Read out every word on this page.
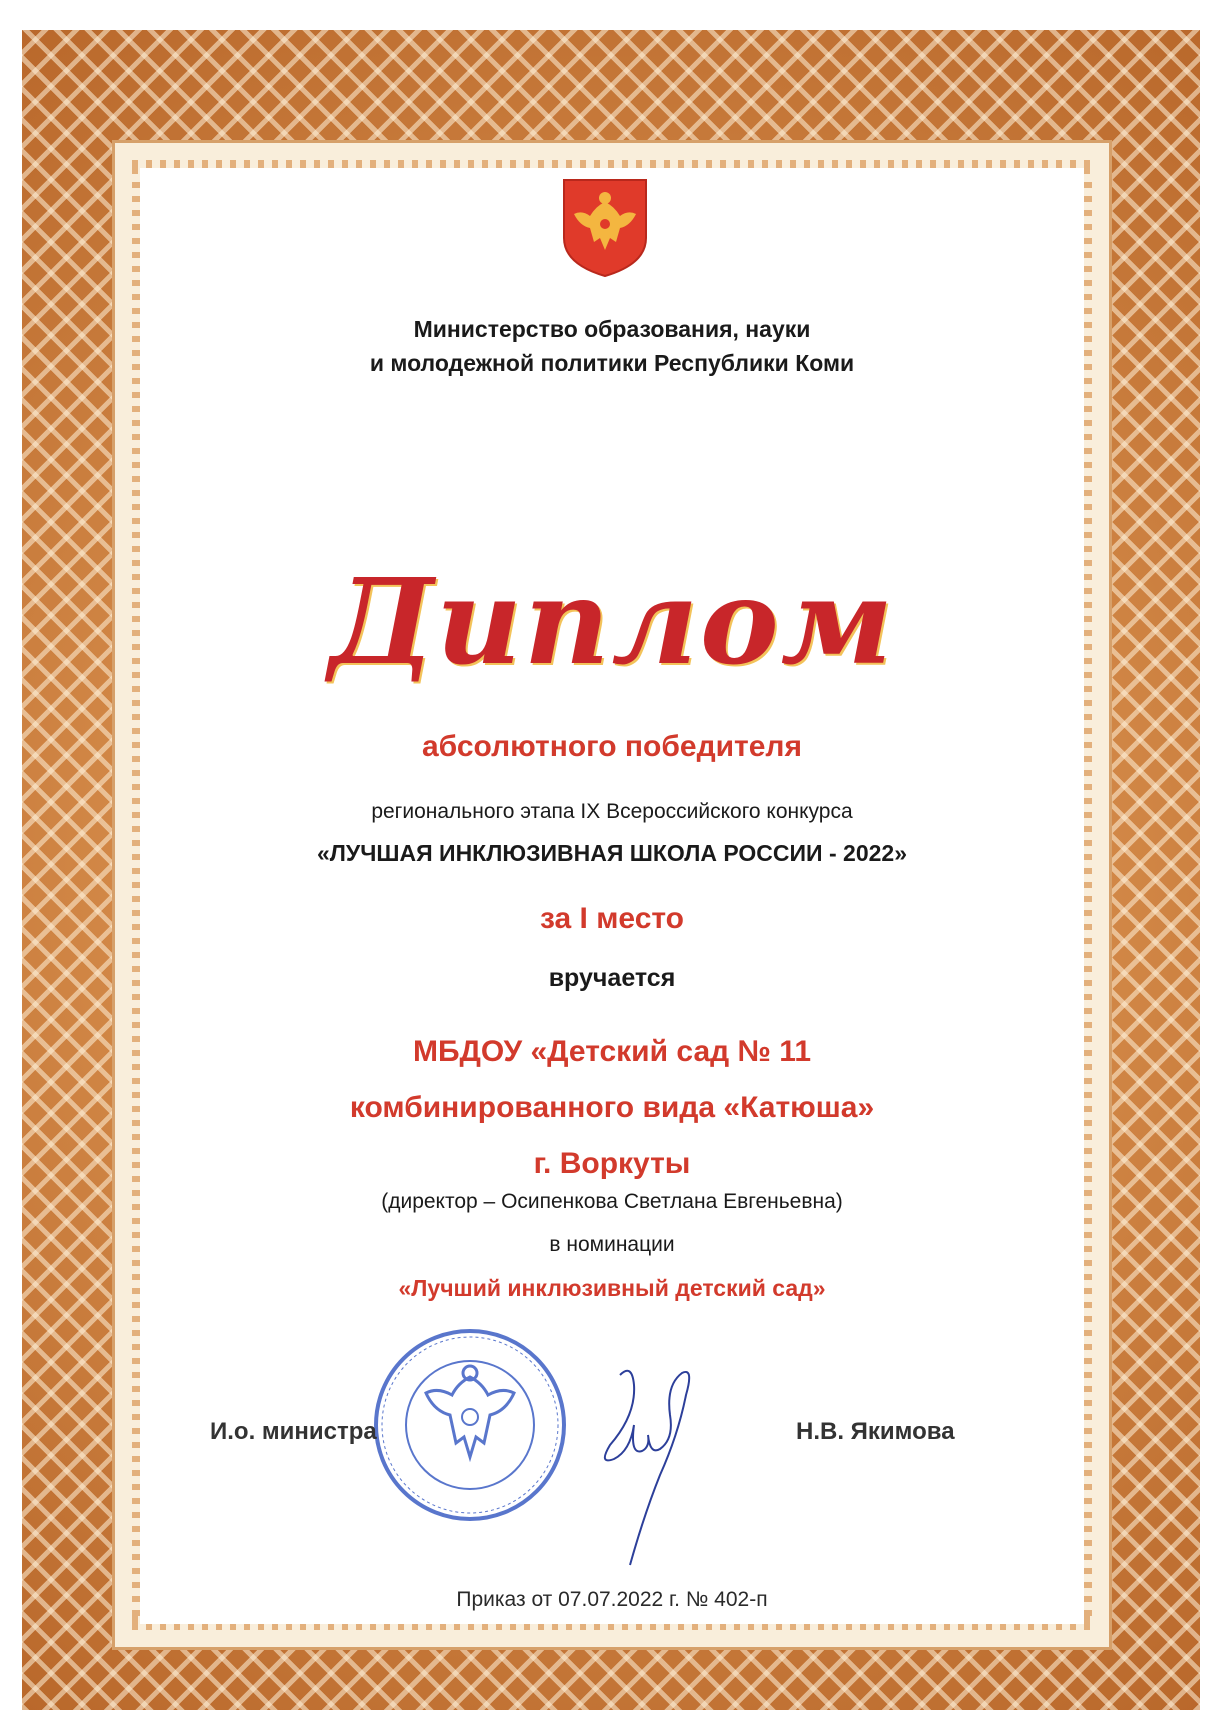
Министерство образования, науки
и молодежной политики Республики Коми

Диплом

абсолютного победителя

регионального этапа IX Всероссийского конкурса

«ЛУЧШАЯ ИНКЛЮЗИВНАЯ ШКОЛА РОССИИ - 2022»

за I место

вручается

МБДОУ «Детский сад № 11
комбинированного вида «Катюша»
г. Воркуты

(директор – Осипенкова Светлана Евгеньевна)

в номинации

«Лучший инклюзивный детский сад»

И.о. министра	Н.В. Якимова

Приказ от 07.07.2022 г. № 402-п
